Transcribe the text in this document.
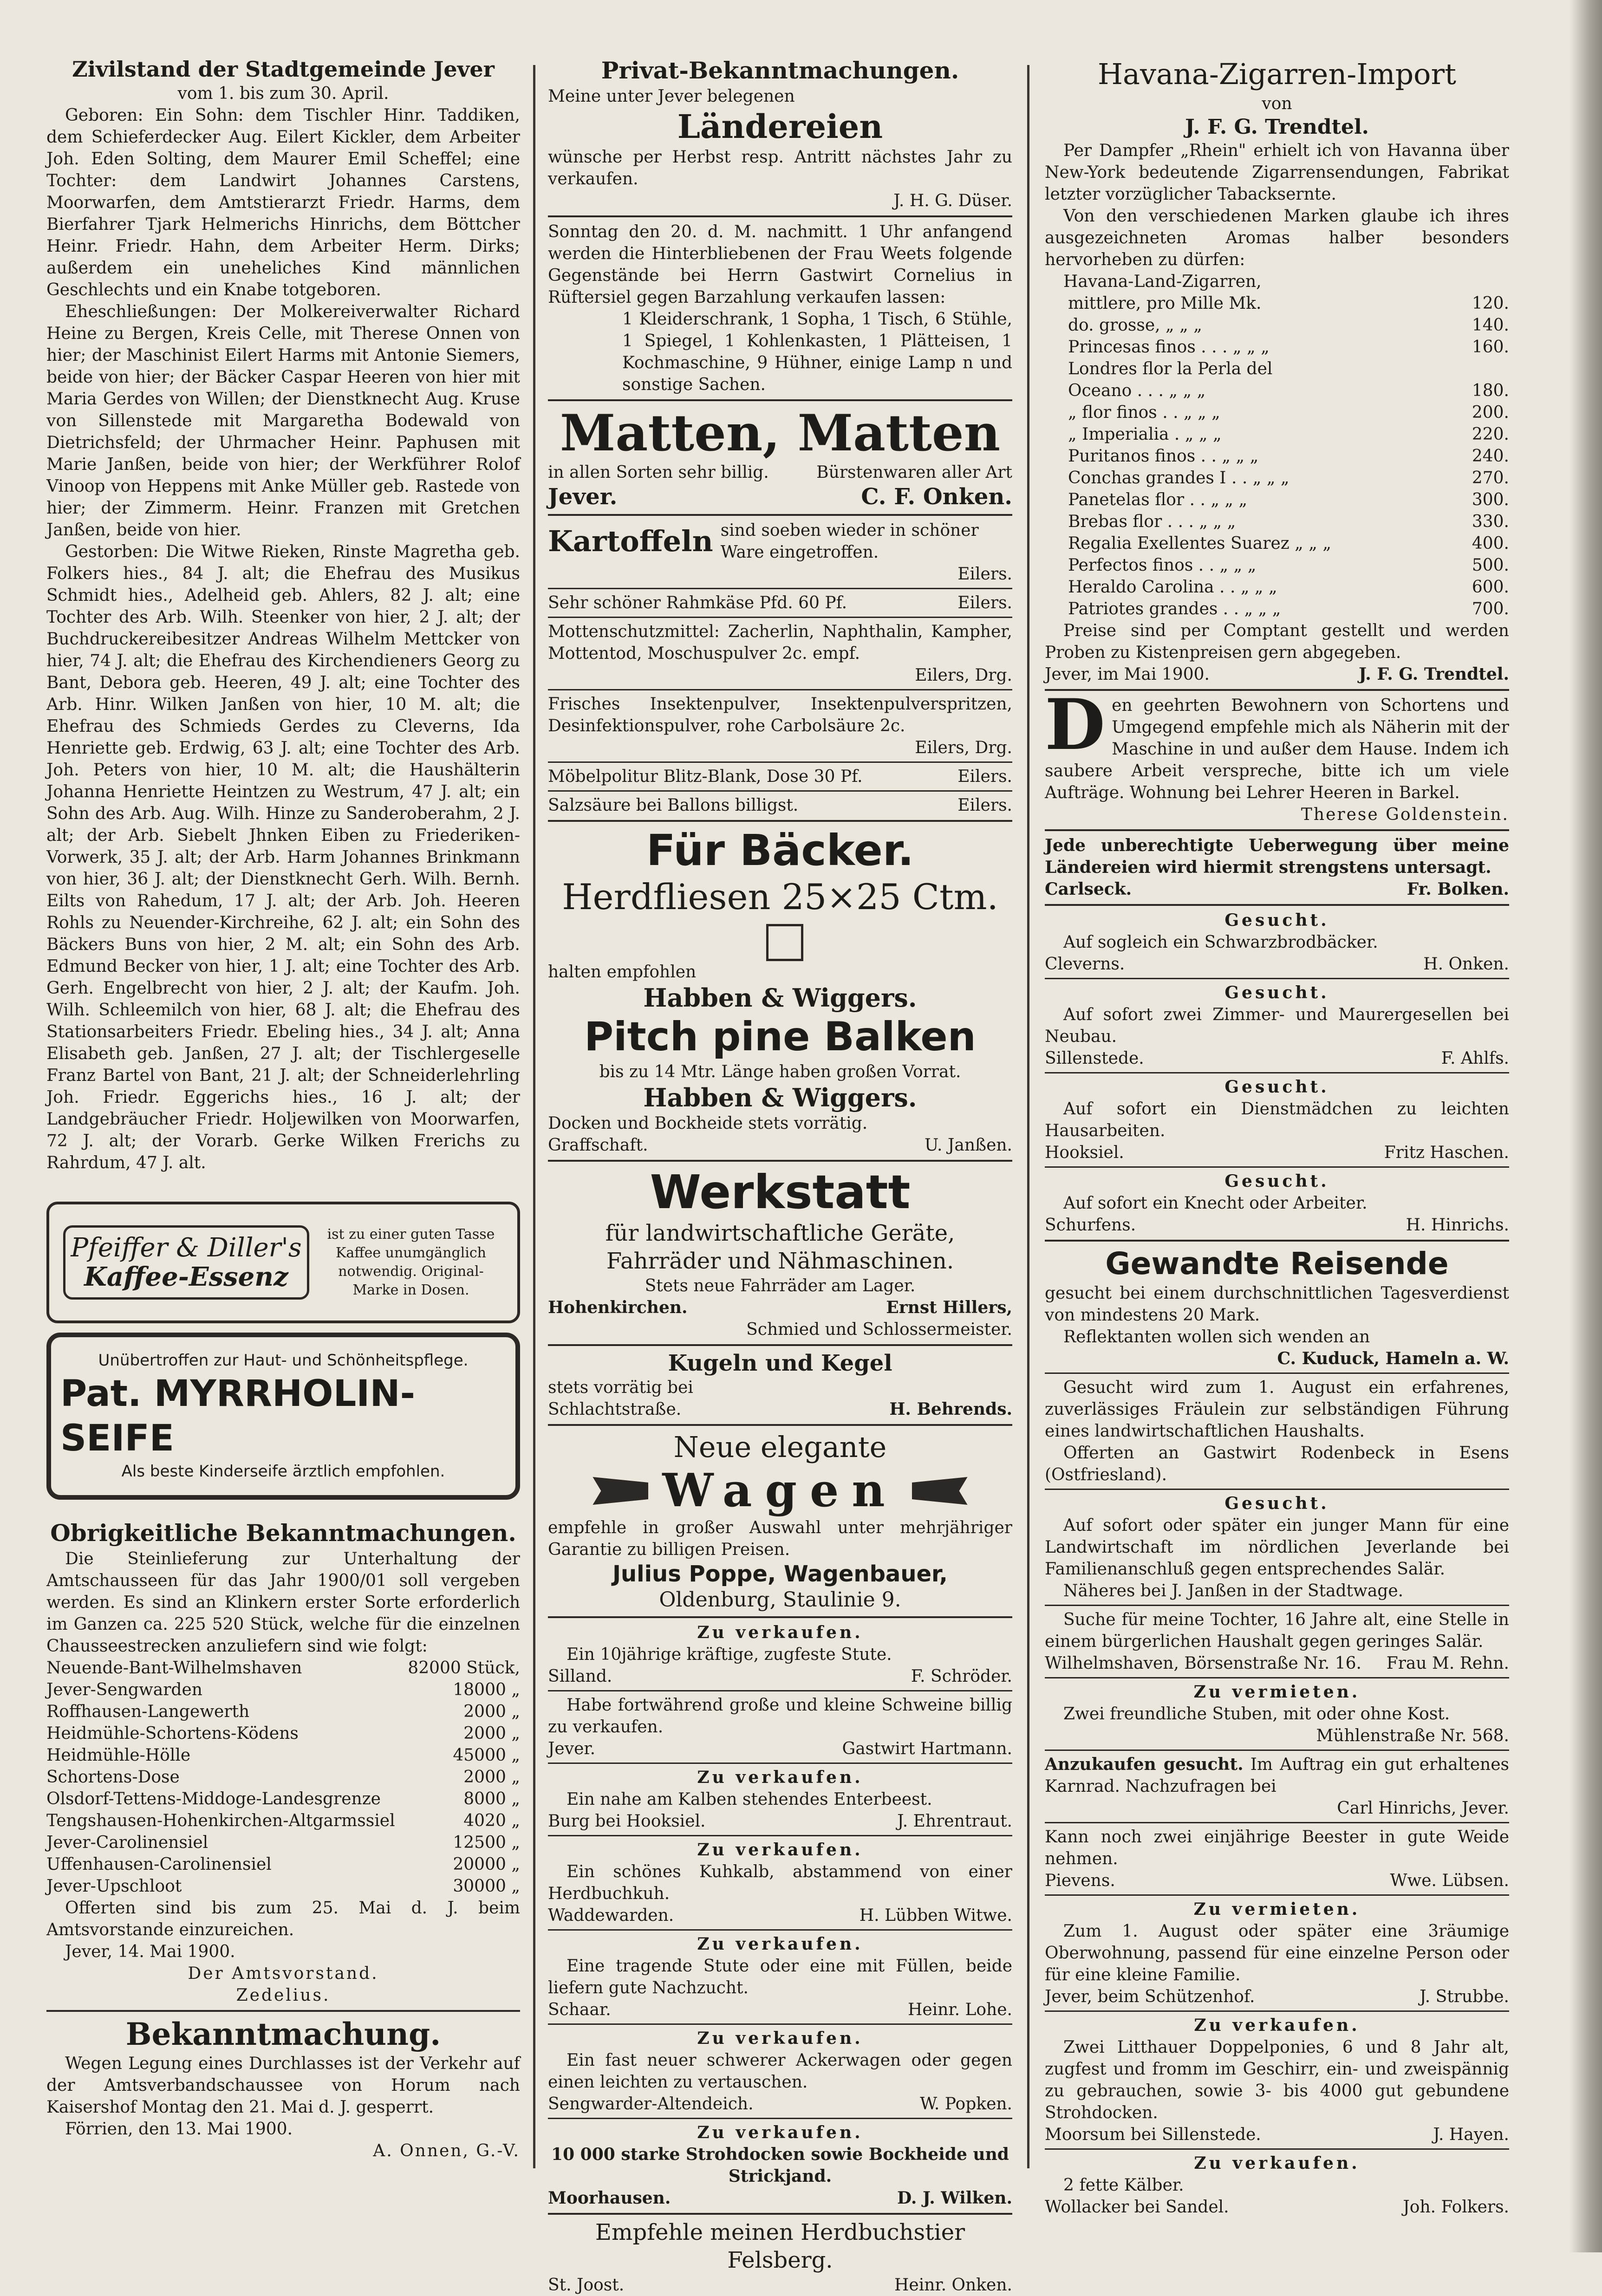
Zivilstand der Stadtgemeinde Jever
vom 1. bis zum 30. April.
Geboren: Ein Sohn: dem Tischler Hinr. Taddiken, dem Schieferdecker Aug. Eilert Kickler, dem Arbeiter Joh. Eden Solting, dem Maurer Emil Scheffel; eine Tochter: dem Landwirt Johannes Carstens, Moorwarfen, dem Amtstierarzt Friedr. Harms, dem Bierfahrer Tjark Helmerichs Hinrichs, dem Böttcher Heinr. Friedr. Hahn, dem Arbeiter Herm. Dirks; außerdem ein uneheliches Kind männlichen Geschlechts und ein Knabe totgeboren.
Eheschließungen: Der Molkereiverwalter Richard Heine zu Bergen, Kreis Celle, mit Therese Onnen von hier; der Maschinist Eilert Harms mit Antonie Siemers, beide von hier; der Bäcker Caspar Heeren von hier mit Maria Gerdes von Willen; der Dienstknecht Aug. Kruse von Sillenstede mit Margaretha Bodewald von Dietrichsfeld; der Uhrmacher Heinr. Paphusen mit Marie Janßen, beide von hier; der Werkführer Rolof Vinoop von Heppens mit Anke Müller geb. Rastede von hier; der Zimmerm. Heinr. Franzen mit Gretchen Janßen, beide von hier.
Gestorben: Die Witwe Rieken, Rinste Magretha geb. Folkers hies., 84 J. alt; die Ehefrau des Musikus Schmidt hies., Adelheid geb. Ahlers, 82 J. alt; eine Tochter des Arb. Wilh. Steenker von hier, 2 J. alt; der Buchdruckereibesitzer Andreas Wilhelm Mettcker von hier, 74 J. alt; die Ehefrau des Kirchendieners Georg zu Bant, Debora geb. Heeren, 49 J. alt; eine Tochter des Arb. Hinr. Wilken Janßen von hier, 10 M. alt; die Ehefrau des Schmieds Gerdes zu Cleverns, Ida Henriette geb. Erdwig, 63 J. alt; eine Tochter des Arb. Joh. Peters von hier, 10 M. alt; die Haushälterin Johanna Henriette Heintzen zu Westrum, 47 J. alt; ein Sohn des Arb. Aug. Wilh. Hinze zu Sanderoberahm, 2 J. alt; der Arb. Siebelt Jhnken Eiben zu Friederiken-Vorwerk, 35 J. alt; der Arb. Harm Johannes Brinkmann von hier, 36 J. alt; der Dienstknecht Gerh. Wilh. Bernh. Eilts von Rahedum, 17 J. alt; der Arb. Joh. Heeren Rohls zu Neuender-Kirchreihe, 62 J. alt; ein Sohn des Bäckers Buns von hier, 2 M. alt; ein Sohn des Arb. Edmund Becker von hier, 1 J. alt; eine Tochter des Arb. Gerh. Engelbrecht von hier, 2 J. alt; der Kaufm. Joh. Wilh. Schleemilch von hier, 68 J. alt; die Ehefrau des Stationsarbeiters Friedr. Ebeling hies., 34 J. alt; Anna Elisabeth geb. Janßen, 27 J. alt; der Tischlergeselle Franz Bartel von Bant, 21 J. alt; der Schneiderlehrling Joh. Friedr. Eggerichs hies., 16 J. alt; der Landgebräucher Friedr. Holjewilken von Moorwarfen, 72 J. alt; der Vorarb. Gerke Wilken Frerichs zu Rahrdum, 47 J. alt.
Pfeiffer & Diller's
Kaffee-Essenz
ist zu einer guten Tasse Kaffee unumgänglich notwendig. Original-Marke in Dosen.
Unübertroffen zur Haut- und Schönheitspflege.
Pat. MYRRHOLIN-SEIFE
Als beste Kinderseife ärztlich empfohlen.
Obrigkeitliche Bekanntmachungen.
Die Steinlieferung zur Unterhaltung der Amtschausseen für das Jahr 1900/01 soll vergeben werden. Es sind an Klinkern erster Sorte erforderlich im Ganzen ca. 225 520 Stück, welche für die einzelnen Chausseestrecken anzuliefern sind wie folgt:
Neuende-Bant-Wilhelmshaven	82000 Stück,
Jever-Sengwarden	18000 „
Roffhausen-Langewerth	2000 „
Heidmühle-Schortens-Ködens	2000 „
Heidmühle-Hölle	45000 „
Schortens-Dose	2000 „
Olsdorf-Tettens-Middoge-Landesgrenze	8000 „
Tengshausen-Hohenkirchen-Altgarmssiel	4020 „
Jever-Carolinensiel	12500 „
Uffenhausen-Carolinensiel	20000 „
Jever-Upschloot	30000 „
Offerten sind bis zum 25. Mai d. J. beim Amtsvorstande einzureichen.
Jever, 14. Mai 1900.
Der Amtsvorstand.
Zedelius.
Bekanntmachung.
Wegen Legung eines Durchlasses ist der Verkehr auf der Amtsverbandschaussee von Horum nach Kaisershof Montag den 21. Mai d. J. gesperrt.
Förrien, den 13. Mai 1900.
A. Onnen, G.-V.
Privat-Bekanntmachungen.
Meine unter Jever belegenen
Ländereien
wünsche per Herbst resp. Antritt nächstes Jahr zu verkaufen.
J. H. G. Düser.
Sonntag den 20. d. M. nachmitt. 1 Uhr anfangend werden die Hinterbliebenen der Frau Weets folgende Gegenstände bei Herrn Gastwirt Cornelius in Rüftersiel gegen Barzahlung verkaufen lassen:
1 Kleiderschrank, 1 Sopha, 1 Tisch, 6 Stühle, 1 Spiegel, 1 Kohlenkasten, 1 Plätteisen, 1 Kochmaschine, 9 Hühner, einige Lamp n und sonstige Sachen.
Matten, Matten
in allen Sorten sehr billig.	Bürstenwaren aller Art
Jever.	C. F. Onken.
Kartoffeln sind soeben wieder in schöner Ware eingetroffen.
Eilers.
Sehr schöner Rahmkäse Pfd. 60 Pf.	Eilers.
Mottenschutzmittel: Zacherlin, Naphthalin, Kampher, Mottentod, Moschuspulver 2c. empf.
Eilers, Drg.
Frisches Insektenpulver, Insektenpulverspritzen, Desinfektionspulver, rohe Carbolsäure 2c.
Eilers, Drg.
Möbelpolitur Blitz-Blank, Dose 30 Pf.	Eilers.
Salzsäure bei Ballons billigst.	Eilers.
Für Bäcker.
Herdfliesen 25×25 Ctm.
halten empfohlen
Habben & Wiggers.
Pitch pine Balken
bis zu 14 Mtr. Länge haben großen Vorrat.
Habben & Wiggers.
Docken und Bockheide stets vorrätig.
Graffschaft.	U. Janßen.
Werkstatt
für landwirtschaftliche Geräte, Fahrräder und Nähmaschinen.
Stets neue Fahrräder am Lager.
Hohenkirchen.	Ernst Hillers,
Schmied und Schlossermeister.
Kugeln und Kegel
stets vorrätig bei
Schlachtstraße.	H. Behrends.
Neue elegante
Wagen
empfehle in großer Auswahl unter mehrjähriger Garantie zu billigen Preisen.
Julius Poppe, Wagenbauer,
Oldenburg, Staulinie 9.
Zu verkaufen.
Ein 10jährige kräftige, zugfeste Stute.
Silland.	F. Schröder.
Habe fortwährend große und kleine Schweine billig zu verkaufen.
Jever.	Gastwirt Hartmann.
Zu verkaufen.
Ein nahe am Kalben stehendes Enterbeest.
Burg bei Hooksiel.	J. Ehrentraut.
Zu verkaufen.
Ein schönes Kuhkalb, abstammend von einer Herdbuchkuh.
Waddewarden.	H. Lübben Witwe.
Zu verkaufen.
Eine tragende Stute oder eine mit Füllen, beide liefern gute Nachzucht.
Schaar.	Heinr. Lohe.
Zu verkaufen.
Ein fast neuer schwerer Ackerwagen oder gegen einen leichten zu vertauschen.
Sengwarder-Altendeich.	W. Popken.
Zu verkaufen.
10 000 starke Strohdocken sowie Bockheide und Strickjand.
Moorhausen.	D. J. Wilken.
Empfehle meinen Herdbuchstier Felsberg.
St. Joost.	Heinr. Onken.
Havana-Zigarren-Import
von
J. F. G. Trendtel.
Per Dampfer „Rhein" erhielt ich von Havanna über New-York bedeutende Zigarrensendungen, Fabrikat letzter vorzüglicher Tabacksernte.
Von den verschiedenen Marken glaube ich ihres ausgezeichneten Aromas halber besonders hervorheben zu dürfen:
Havana-Land-Zigarren,
mittlere, pro Mille Mk.	120.
do. grosse, „ „ „	140.
Princesas finos . . . „ „ „	160.
Londres flor la Perla del	
Oceano . . . „ „ „	180.
„ flor finos . . „ „ „	200.
„ Imperialia . „ „ „	220.
Puritanos finos . . „ „ „	240.
Conchas grandes I . . „ „ „	270.
Panetelas flor . . „ „ „	300.
Brebas flor . . . „ „ „	330.
Regalia Exellentes Suarez „ „ „	400.
Perfectos finos . . „ „ „	500.
Heraldo Carolina . . „ „ „	600.
Patriotes grandes . . „ „ „	700.
Preise sind per Comptant gestellt und werden Proben zu Kistenpreisen gern abgegeben.
Jever, im Mai 1900.	J. F. G. Trendtel.
Den geehrten Bewohnern von Schortens und Umgegend empfehle mich als Näherin mit der Maschine in und außer dem Hause. Indem ich saubere Arbeit verspreche, bitte ich um viele Aufträge. Wohnung bei Lehrer Heeren in Barkel.
Therese Goldenstein.
Jede unberechtigte Ueberwegung über meine Ländereien wird hiermit strengstens untersagt.
Carlseck.	Fr. Bolken.
Gesucht.
Auf sogleich ein Schwarzbrodbäcker.
Cleverns.	H. Onken.
Gesucht.
Auf sofort zwei Zimmer- und Maurergesellen bei Neubau.
Sillenstede.	F. Ahlfs.
Gesucht.
Auf sofort ein Dienstmädchen zu leichten Hausarbeiten.
Hooksiel.	Fritz Haschen.
Gesucht.
Auf sofort ein Knecht oder Arbeiter.
Schurfens.	H. Hinrichs.
Gewandte Reisende
gesucht bei einem durchschnittlichen Tagesverdienst von mindestens 20 Mark.
Reflektanten wollen sich wenden an
C. Kuduck, Hameln a. W.
Gesucht wird zum 1. August ein erfahrenes, zuverlässiges Fräulein zur selbständigen Führung eines landwirtschaftlichen Haushalts.
Offerten an Gastwirt Rodenbeck in Esens (Ostfriesland).
Gesucht.
Auf sofort oder später ein junger Mann für eine Landwirtschaft im nördlichen Jeverlande bei Familienanschluß gegen entsprechendes Salär.
Näheres bei J. Janßen in der Stadtwage.
Suche für meine Tochter, 16 Jahre alt, eine Stelle in einem bürgerlichen Haushalt gegen geringes Salär.
Wilhelmshaven, Börsenstraße Nr. 16. Frau M. Rehn.
Zu vermieten.
Zwei freundliche Stuben, mit oder ohne Kost.
Mühlenstraße Nr. 568.
Anzukaufen gesucht. Im Auftrag ein gut erhaltenes Karnrad. Nachzufragen bei
Carl Hinrichs, Jever.
Kann noch zwei einjährige Beester in gute Weide nehmen.
Pievens.	Wwe. Lübsen.
Zu vermieten.
Zum 1. August oder später eine 3räumige Oberwohnung, passend für eine einzelne Person oder für eine kleine Familie.
Jever, beim Schützenhof.	J. Strubbe.
Zu verkaufen.
Zwei Litthauer Doppelponies, 6 und 8 Jahr alt, zugfest und fromm im Geschirr, ein- und zweispännig zu gebrauchen, sowie 3- bis 4000 gut gebundene Strohdocken.
Moorsum bei Sillenstede.	J. Hayen.
Zu verkaufen.
2 fette Kälber.
Wollacker bei Sandel.	Joh. Folkers.
